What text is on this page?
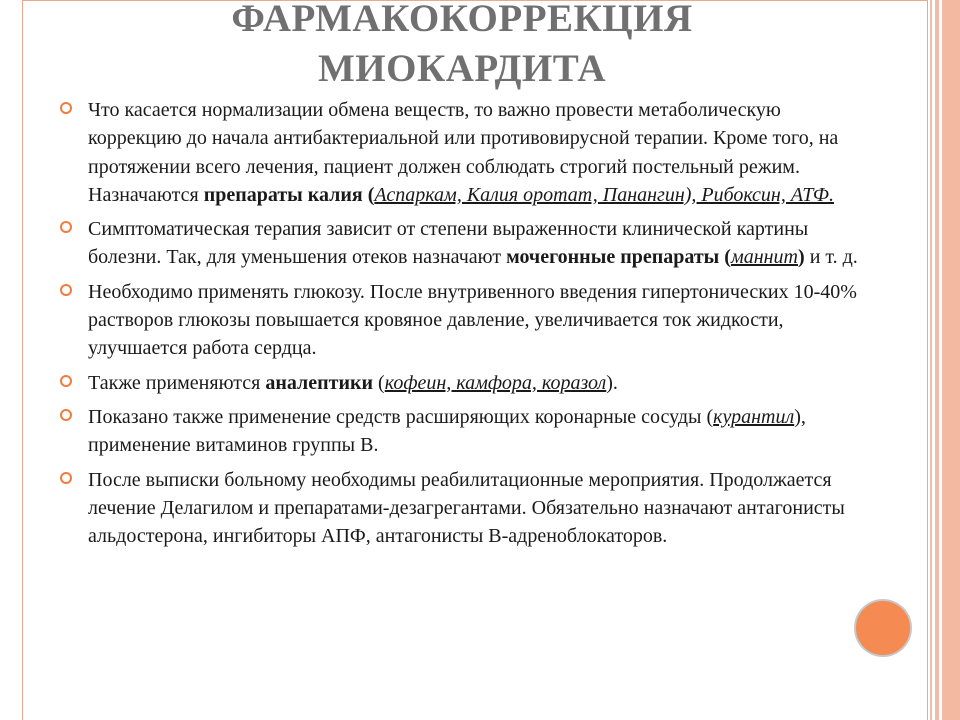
ФАРМАКОКОРРЕКЦИЯ
МИОКАРДИТА
Что касается нормализации обмена веществ, то важно провести метаболическую коррекцию до начала антибактериальной или противовирусной терапии. Кроме того, на протяжении всего лечения, пациент должен соблюдать строгий постельный режим. Назначаются препараты калия (Аспаркам, Калия оротат, Панангин), Рибоксин, АТФ.
Симптоматическая терапия зависит от степени выраженности клинической картины болезни. Так, для уменьшения отеков назначают мочегонные препараты (маннит) и т. д.
Необходимо применять глюкозу. После внутривенного введения гипертонических 10-40% растворов глюкозы повышается кровяное давление, увеличивается ток жидкости, улучшается работа сердца.
Также применяются аналептики (кофеин, камфора, коразол).
Показано также применение средств расширяющих коронарные сосуды (курантил), применение витаминов группы В.
После выписки больному необходимы реабилитационные мероприятия. Продолжается лечение Делагилом и препаратами-дезагрегантами. Обязательно назначают антагонисты альдостерона, ингибиторы АПФ, антагонисты В-адреноблокаторов.
